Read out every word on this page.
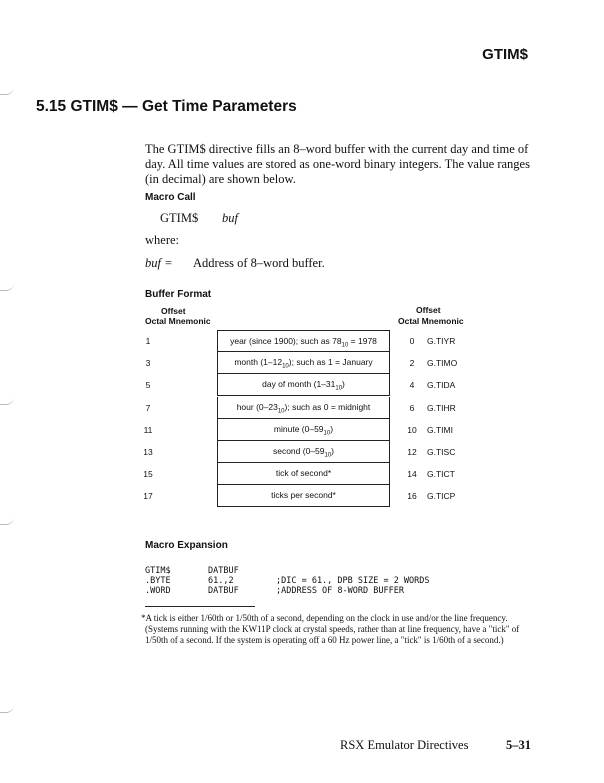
GTIM$
5.15 GTIM$ — Get Time Parameters
The GTIM$ directive fills an 8–word buffer with the current day and time of day. All time values are stored as one-word binary integers. The value ranges (in decimal) are shown below.
Macro Call
GTIM$	buf
where:
buf =	Address of 8–word buffer.
Buffer Format
Offset
Octal Mnemonic
Offset
Octal Mnemonic
1	year (since 1900); such as $78_{10} = 1978$	0	G.TIYR
3	month $(1-12_{10})$; such as 1 = January	2	G.TIMO
5	day of month $(1-31_{10})$	4	G.TIDA
7	hour $(0-23_{10})$; such as 0 = midnight	6	G.TIHR
11	minute $(0-59_{10})$	10	G.TIMI
13	second $(0-59_{10})$	12	G.TISC
15	tick of second*	14	G.TICT
17	ticks per second*	16	G.TICP
Macro Expansion
GTIM$	DATBUF	
.BYTE	61.,2	;DIC = 61., DPB SIZE = 2 WORDS
.WORD	DATBUF	;ADDRESS OF 8-WORD BUFFER
*A tick is either 1/60th or 1/50th of a second, depending on the clock in use and/or the line frequency. (Systems running with the KW11P clock at crystal speeds, rather than at line frequency, have a "tick" of 1/50th of a second. If the system is operating off a 60 Hz power line, a "tick" is 1/60th of a second.)
RSX Emulator Directives	5–31
